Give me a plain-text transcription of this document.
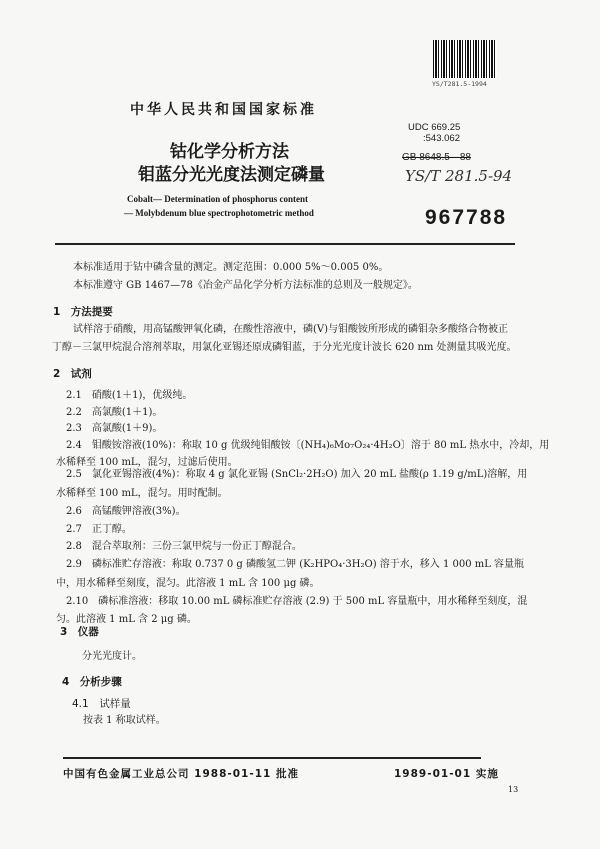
YS/T281.5-1994
中华人民共和国国家标准
UDC 669.25
:543.062
钴化学分析方法
钼蓝分光光度法测定磷量
GB 8648.5—88
YS/T 281.5-94
Cobalt— Determination of phosphorus content
— Molybdenum blue spectrophotometric method	967788
本标准适用于钴中磷含量的测定。测定范围：0.000 5%～0.005 0%。
本标准遵守 GB 1467—78《冶金产品化学分析方法标准的总则及一般规定》。
1　方法提要
试样溶于硝酸，用高锰酸钾氧化磷，在酸性溶液中，磷(Ⅴ)与钼酸铵所形成的磷钼杂多酸络合物被正
丁醇－三氯甲烷混合溶剂萃取，用氯化亚锡还原成磷钼蓝，于分光光度计波长 620 nm 处测量其吸光度。
2　试剂
2.1　硝酸(1＋1)，优级纯。
2.2　高氯酸(1＋1)。
2.3　高氯酸(1＋9)。
2.4　钼酸铵溶液(10%)：称取 10 g 优级纯钼酸铵〔(NH₄)₆Mo₇O₂₄·4H₂O〕溶于 80 mL 热水中，冷却，用
水稀释至 100 mL，混匀，过滤后使用。
2.5　氯化亚锡溶液(4%)：称取 4 g 氯化亚锡 (SnCl₂·2H₂O) 加入 20 mL 盐酸(ρ 1.19 g/mL)溶解，用
水稀释至 100 mL，混匀。用时配制。
2.6　高锰酸钾溶液(3%)。
2.7　正丁醇。
2.8　混合萃取剂：三份三氯甲烷与一份正丁醇混合。
2.9　磷标准贮存溶液：称取 0.737 0 g 磷酸氢二钾 (K₂HPO₄·3H₂O) 溶于水，移入 1 000 mL 容量瓶
中，用水稀释至刻度，混匀。此溶液 1 mL 含 100 μg 磷。
2.10　磷标准溶液：移取 10.00 mL 磷标准贮存溶液 (2.9) 于 500 mL 容量瓶中，用水稀释至刻度，混
匀。此溶液 1 mL 含 2 μg 磷。
3　仪器
分光光度计。
4　分析步骤
4.1　试样量
按表 1 称取试样。
中国有色金属工业总公司 1988-01-11 批准	1989-01-01 实施
13
